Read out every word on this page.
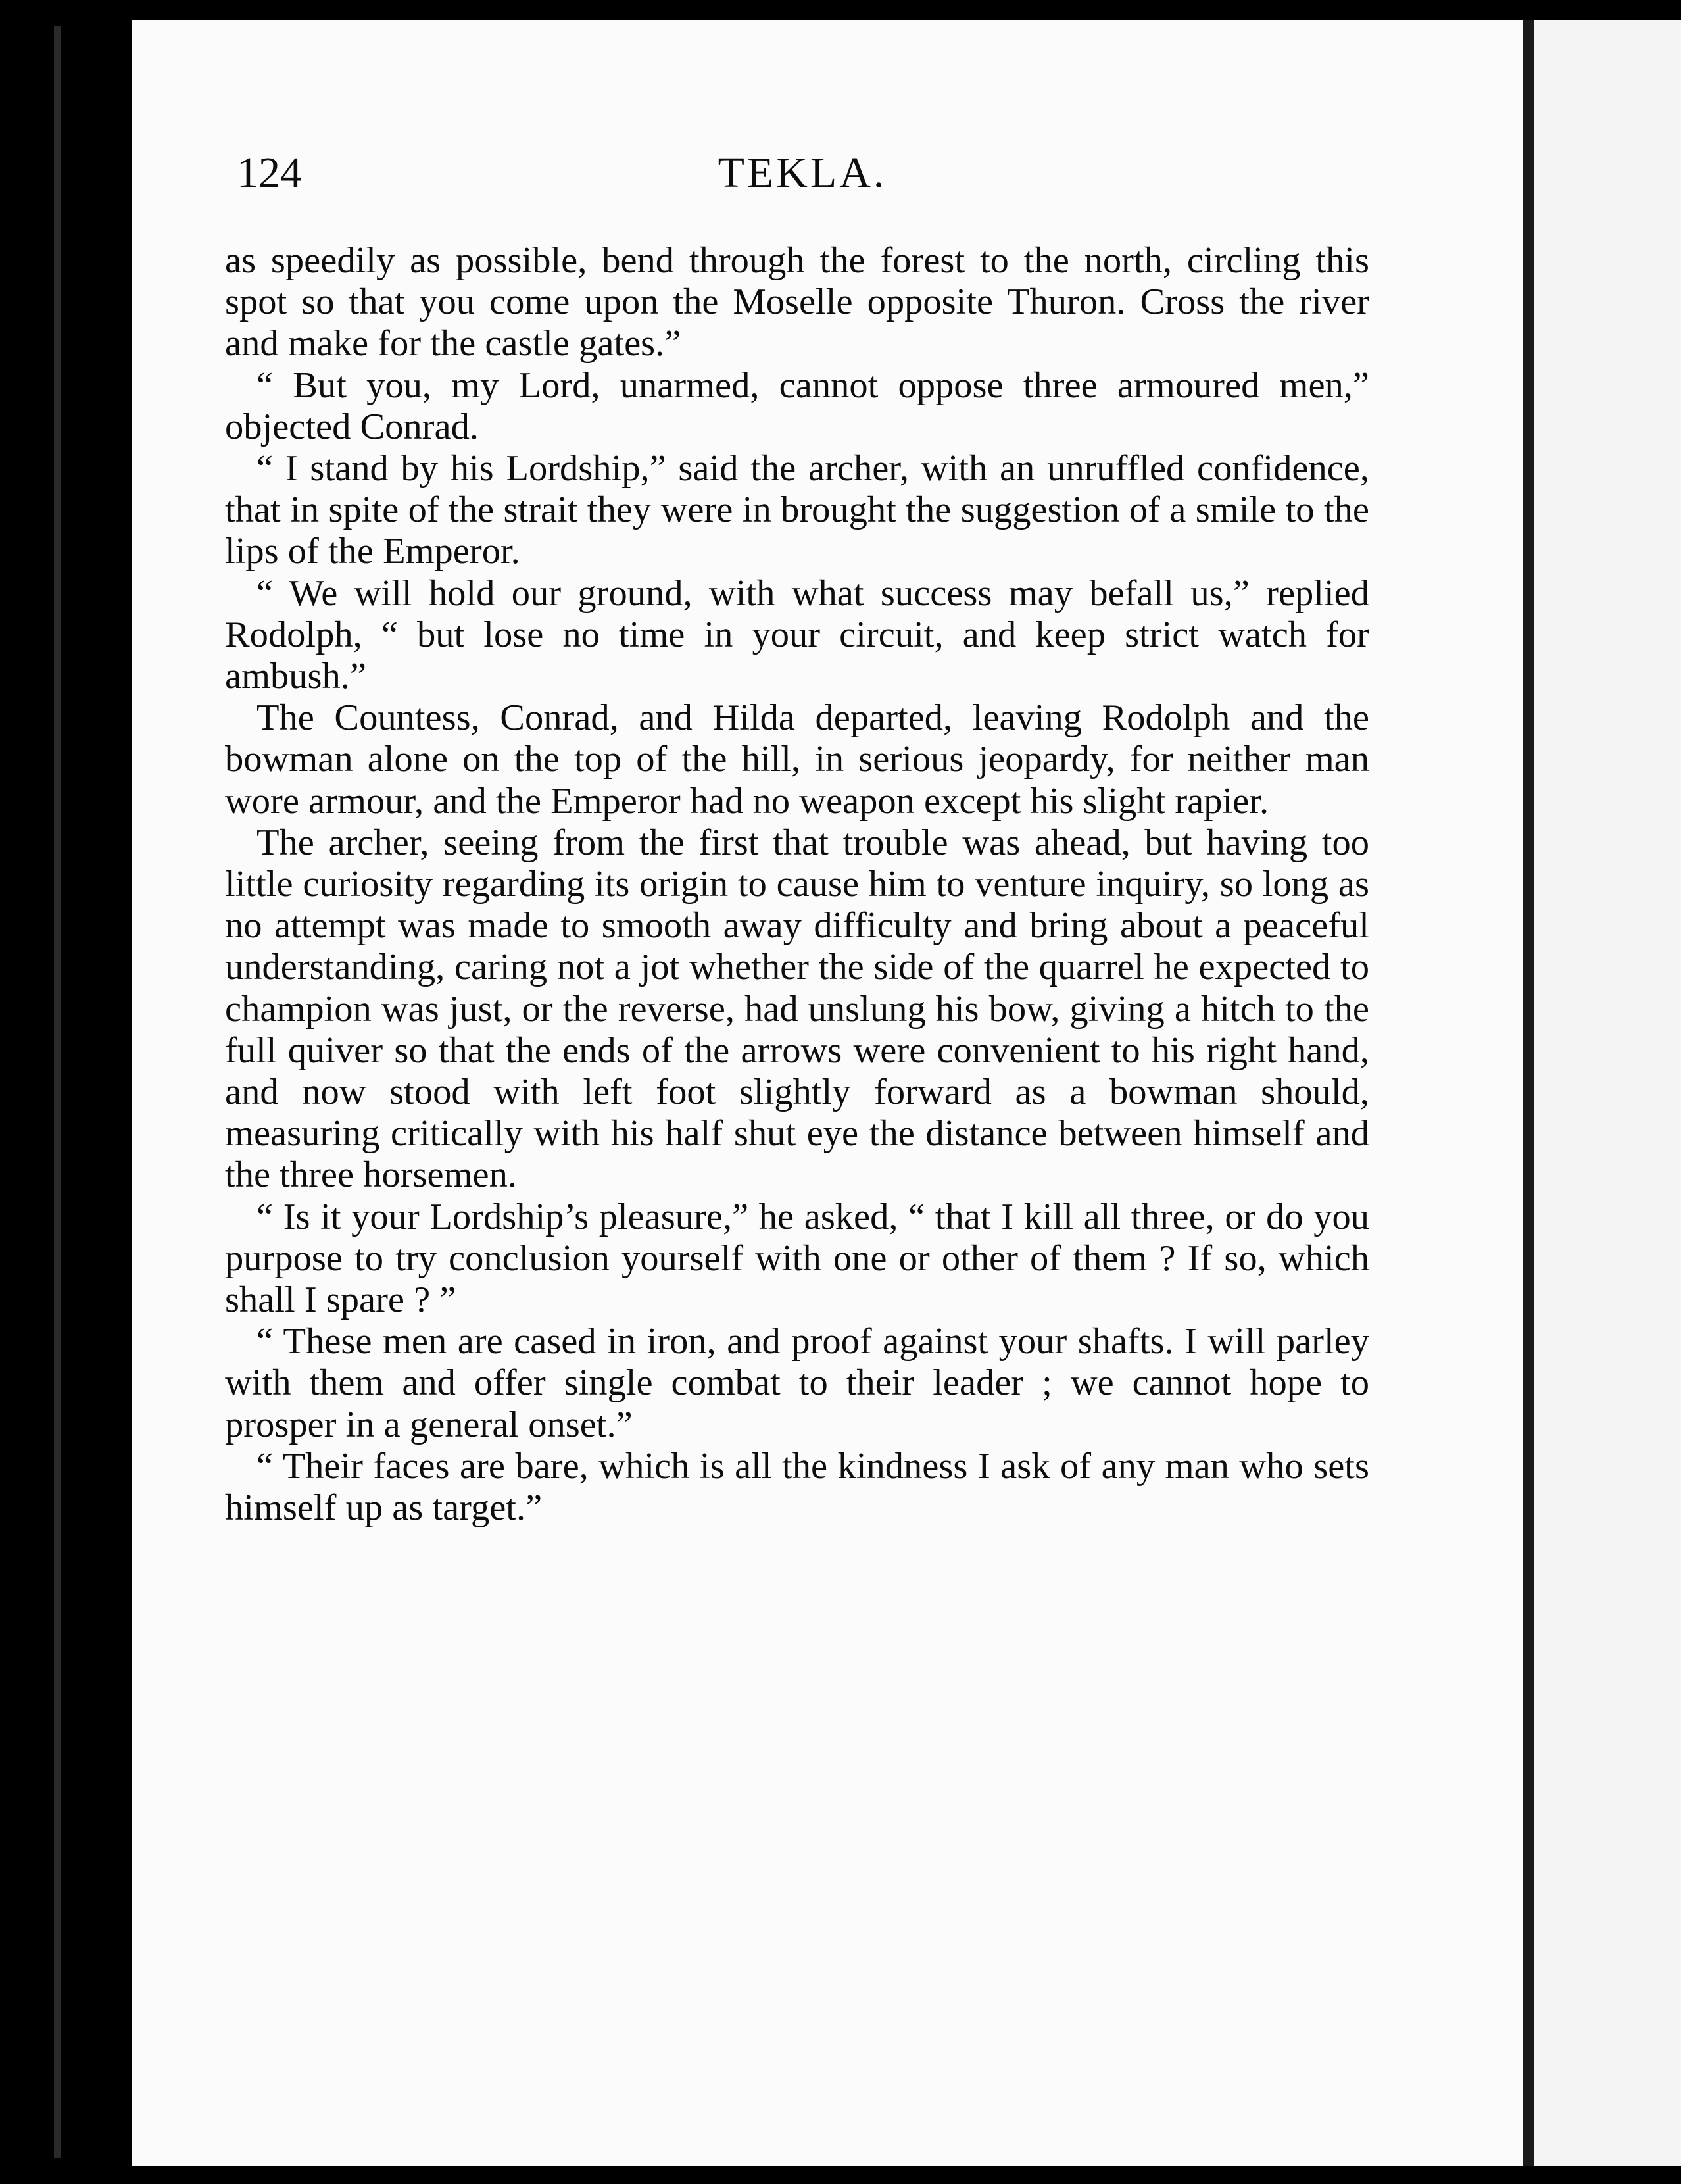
124	TEKLA.

as speedily as possible, bend through the forest to the north, circling this spot so that you come upon the Moselle opposite Thuron. Cross the river and make for the castle gates.”

“ But you, my Lord, unarmed, cannot oppose three armoured men,” objected Conrad.

“ I stand by his Lordship,” said the archer, with an unruffled confidence, that in spite of the strait they were in brought the suggestion of a smile to the lips of the Emperor.

“ We will hold our ground, with what success may befall us,” replied Rodolph, “ but lose no time in your circuit, and keep strict watch for ambush.”

The Countess, Conrad, and Hilda departed, leaving Rodolph and the bowman alone on the top of the hill, in serious jeopardy, for neither man wore armour, and the Emperor had no weapon except his slight rapier.

The archer, seeing from the first that trouble was ahead, but having too little curiosity regarding its origin to cause him to venture inquiry, so long as no attempt was made to smooth away difficulty and bring about a peaceful understanding, caring not a jot whether the side of the quarrel he expected to champion was just, or the reverse, had unslung his bow, giving a hitch to the full quiver so that the ends of the arrows were convenient to his right hand, and now stood with left foot slightly forward as a bowman should, measuring critically with his half shut eye the distance between himself and the three horsemen.

“ Is it your Lordship’s pleasure,” he asked, “ that I kill all three, or do you purpose to try conclusion yourself with one or other of them ? If so, which shall I spare ? ”

“ These men are cased in iron, and proof against your shafts. I will parley with them and offer single combat to their leader ; we cannot hope to prosper in a general onset.”

“ Their faces are bare, which is all the kindness I ask of any man who sets himself up as target.”
